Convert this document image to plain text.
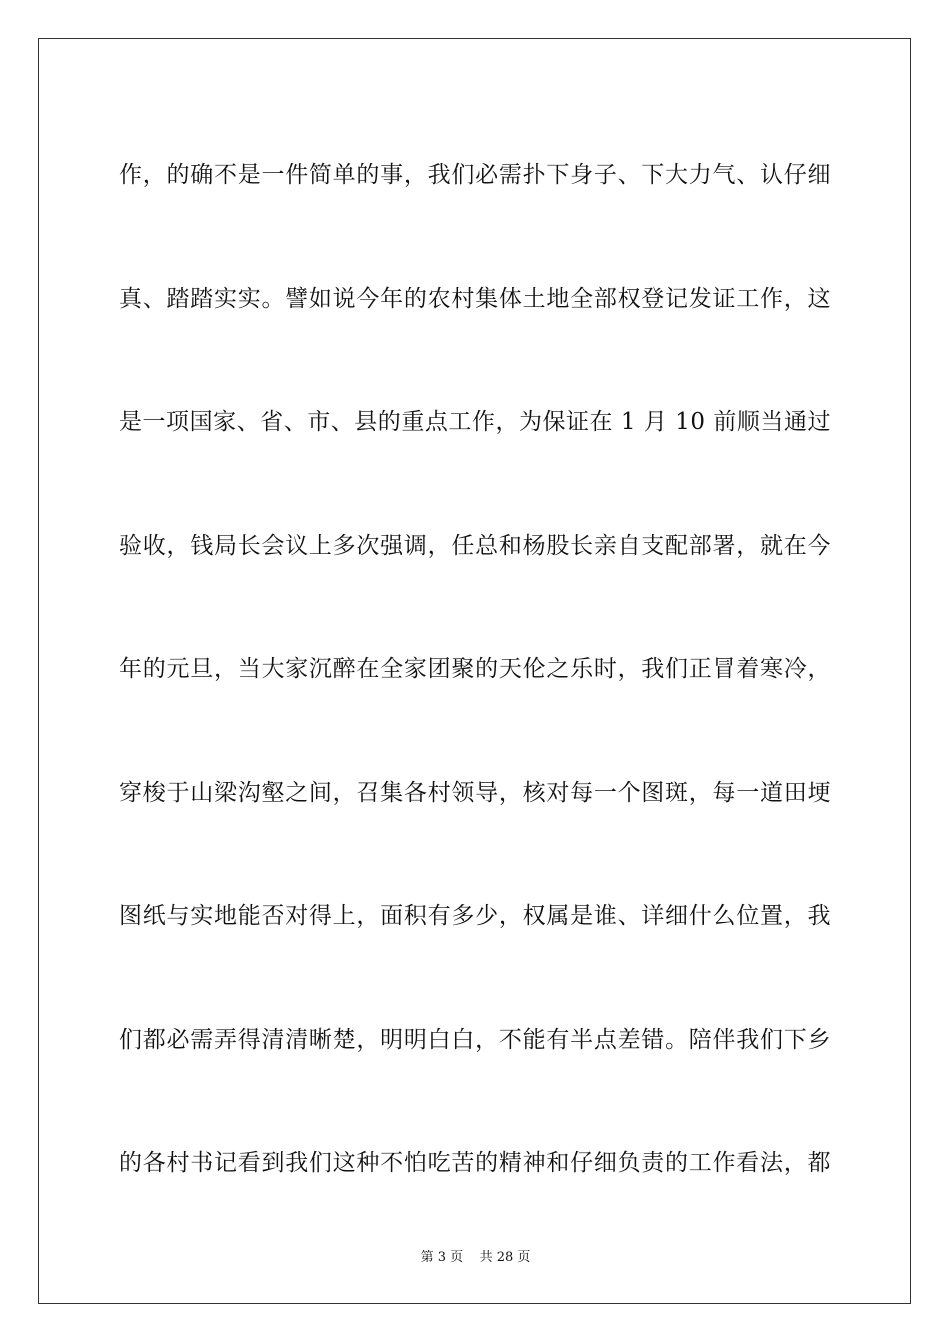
作，的确不是一件简单的事，我们必需扑下身子、下大力气、认仔细
真、踏踏实实。譬如说今年的农村集体土地全部权登记发证工作，这
是一项国家、省、市、县的重点工作，为保证在 1 月 10 前顺当通过
验收，钱局长会议上多次强调，任总和杨股长亲自支配部署，就在今
年的元旦，当大家沉醉在全家团聚的天伦之乐时，我们正冒着寒冷，
穿梭于山梁沟壑之间，召集各村领导，核对每一个图斑，每一道田埂
图纸与实地能否对得上，面积有多少，权属是谁、详细什么位置，我
们都必需弄得清清晰楚，明明白白，不能有半点差错。陪伴我们下乡
的各村书记看到我们这种不怕吃苦的精神和仔细负责的工作看法，都
第 3 页    共 28 页
